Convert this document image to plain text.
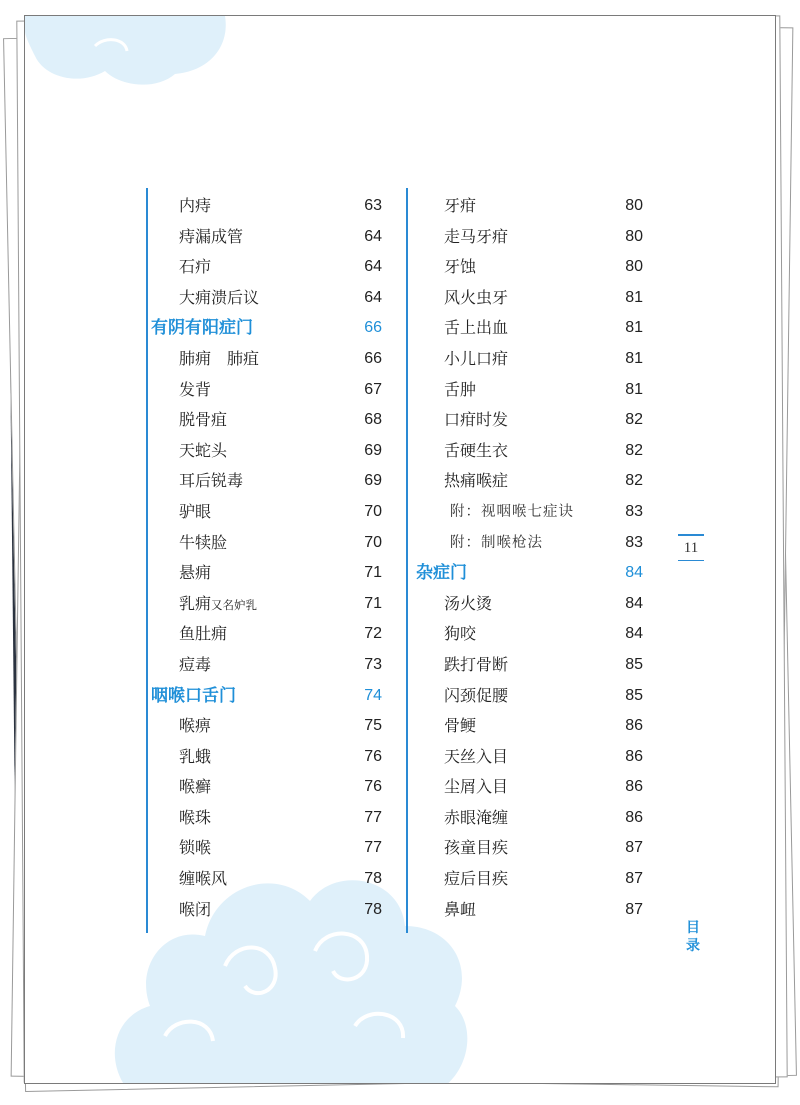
内痔	63
痔漏成管	64
石疖	64
大痈溃后议	64
有阴有阳症门	66
肺痈　肺疽	66
发背	67
脱骨疽	68
天蛇头	69
耳后锐毒	69
驴眼	70
牛犊脸	70
悬痈	71
乳痈 又名妒乳	71
鱼肚痈	72
痘毒	73
咽喉口舌门	74
喉痹	75
乳蛾	76
喉癣	76
喉珠	77
锁喉	77
缠喉风	78
喉闭	78
牙疳	80
走马牙疳	80
牙蚀	80
风火虫牙	81
舌上出血	81
小儿口疳	81
舌肿	81
口疳时发	82
舌硬生衣	82
热痛喉症	82
附：视咽喉七症诀	83
附：制喉枪法	83
杂症门	84
汤火烫	84
狗咬	84
跌打骨断	85
闪颈促腰	85
骨鲠	86
天丝入目	86
尘屑入目	86
赤眼淹缠	86
孩童目疾	87
痘后目疾	87
鼻衄	87
11
目
录
